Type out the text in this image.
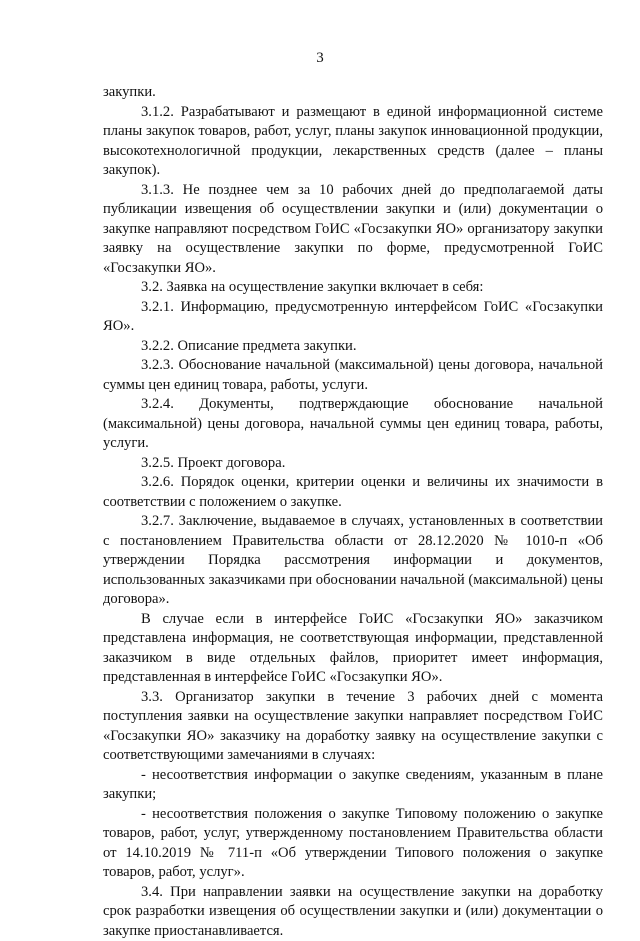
3

закупки.

3.1.2. Разрабатывают и размещают в единой информационной системе планы закупок товаров, работ, услуг, планы закупок инновационной продукции, высокотехнологичной продукции, лекарственных средств (далее – планы закупок).

3.1.3. Не позднее чем за 10 рабочих дней до предполагаемой даты публикации извещения об осуществлении закупки и (или) документации о закупке направляют посредством ГоИС «Госзакупки ЯО» организатору закупки заявку на осуществление закупки по форме, предусмотренной ГоИС «Госзакупки ЯО».

3.2. Заявка на осуществление закупки включает в себя:

3.2.1. Информацию, предусмотренную интерфейсом ГоИС «Госзакупки ЯО».

3.2.2. Описание предмета закупки.

3.2.3. Обоснование начальной (максимальной) цены договора, начальной суммы цен единиц товара, работы, услуги.

3.2.4. Документы, подтверждающие обоснование начальной (максимальной) цены договора, начальной суммы цен единиц товара, работы, услуги.

3.2.5. Проект договора.

3.2.6. Порядок оценки, критерии оценки и величины их значимости в соответствии с положением о закупке.

3.2.7. Заключение, выдаваемое в случаях, установленных в соответствии с постановлением Правительства области от 28.12.2020 № 1010-п «Об утверждении Порядка рассмотрения информации и документов, использованных заказчиками при обосновании начальной (максимальной) цены договора».

В случае если в интерфейсе ГоИС «Госзакупки ЯО» заказчиком представлена информация, не соответствующая информации, представленной заказчиком в виде отдельных файлов, приоритет имеет информация, представленная в интерфейсе ГоИС «Госзакупки ЯО».

3.3. Организатор закупки в течение 3 рабочих дней с момента поступления заявки на осуществление закупки направляет посредством ГоИС «Госзакупки ЯО» заказчику на доработку заявку на осуществление закупки с соответствующими замечаниями в случаях:

- несоответствия информации о закупке сведениям, указанным в плане закупки;

- несоответствия положения о закупке Типовому положению о закупке товаров, работ, услуг, утвержденному постановлением Правительства области от 14.10.2019 № 711-п «Об утверждении Типового положения о закупке товаров, работ, услуг».

3.4. При направлении заявки на осуществление закупки на доработку срок разработки извещения об осуществлении закупки и (или) документации о закупке приостанавливается.
